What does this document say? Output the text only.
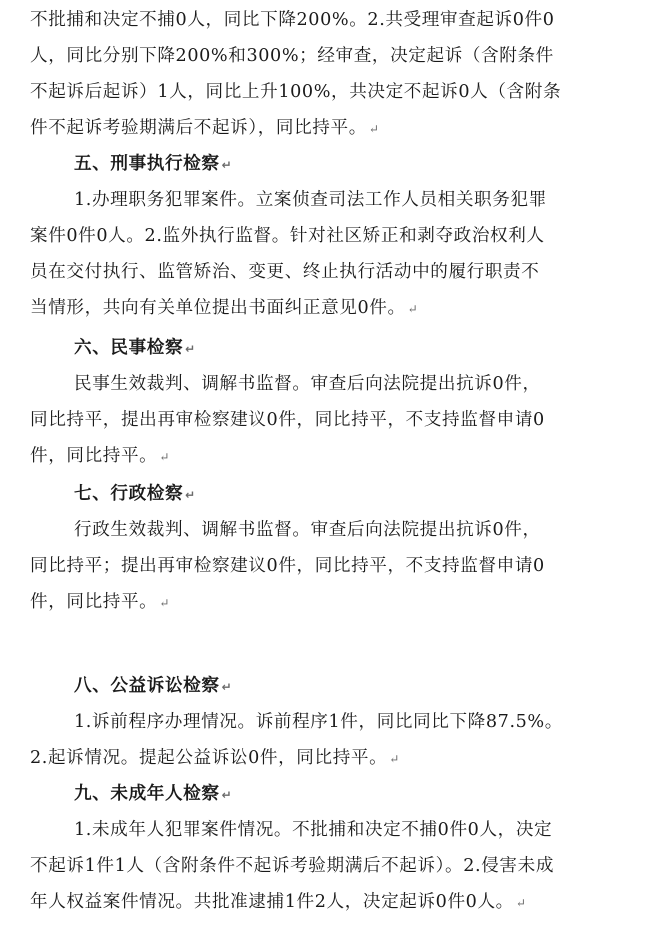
不批捕和决定不捕0人，同比下降200%。2.共受理审查起诉0件0
人，同比分别下降200%和300%；经审查，决定起诉（含附条件
不起诉后起诉）1人，同比上升100%，共决定不起诉0人（含附条
件不起诉考验期满后不起诉），同比持平。 ↵
五、刑事执行检察 ↵
1.办理职务犯罪案件。立案侦查司法工作人员相关职务犯罪
案件0件0人。2.监外执行监督。针对社区矫正和剥夺政治权利人
员在交付执行、监管矫治、变更、终止执行活动中的履行职责不
当情形，共向有关单位提出书面纠正意见0件。 ↵
六、民事检察 ↵
民事生效裁判、调解书监督。审查后向法院提出抗诉0件，
同比持平，提出再审检察建议0件，同比持平，不支持监督申请0
件，同比持平。 ↵
七、行政检察 ↵
行政生效裁判、调解书监督。审查后向法院提出抗诉0件，
同比持平；提出再审检察建议0件，同比持平，不支持监督申请0
件，同比持平。 ↵
八、公益诉讼检察 ↵
1.诉前程序办理情况。诉前程序1件，同比同比下降87.5%。
2.起诉情况。提起公益诉讼0件，同比持平。 ↵
九、未成年人检察 ↵
1.未成年人犯罪案件情况。不批捕和决定不捕0件0人，决定
不起诉1件1人（含附条件不起诉考验期满后不起诉）。2.侵害未成
年人权益案件情况。共批准逮捕1件2人，决定起诉0件0人。 ↵
